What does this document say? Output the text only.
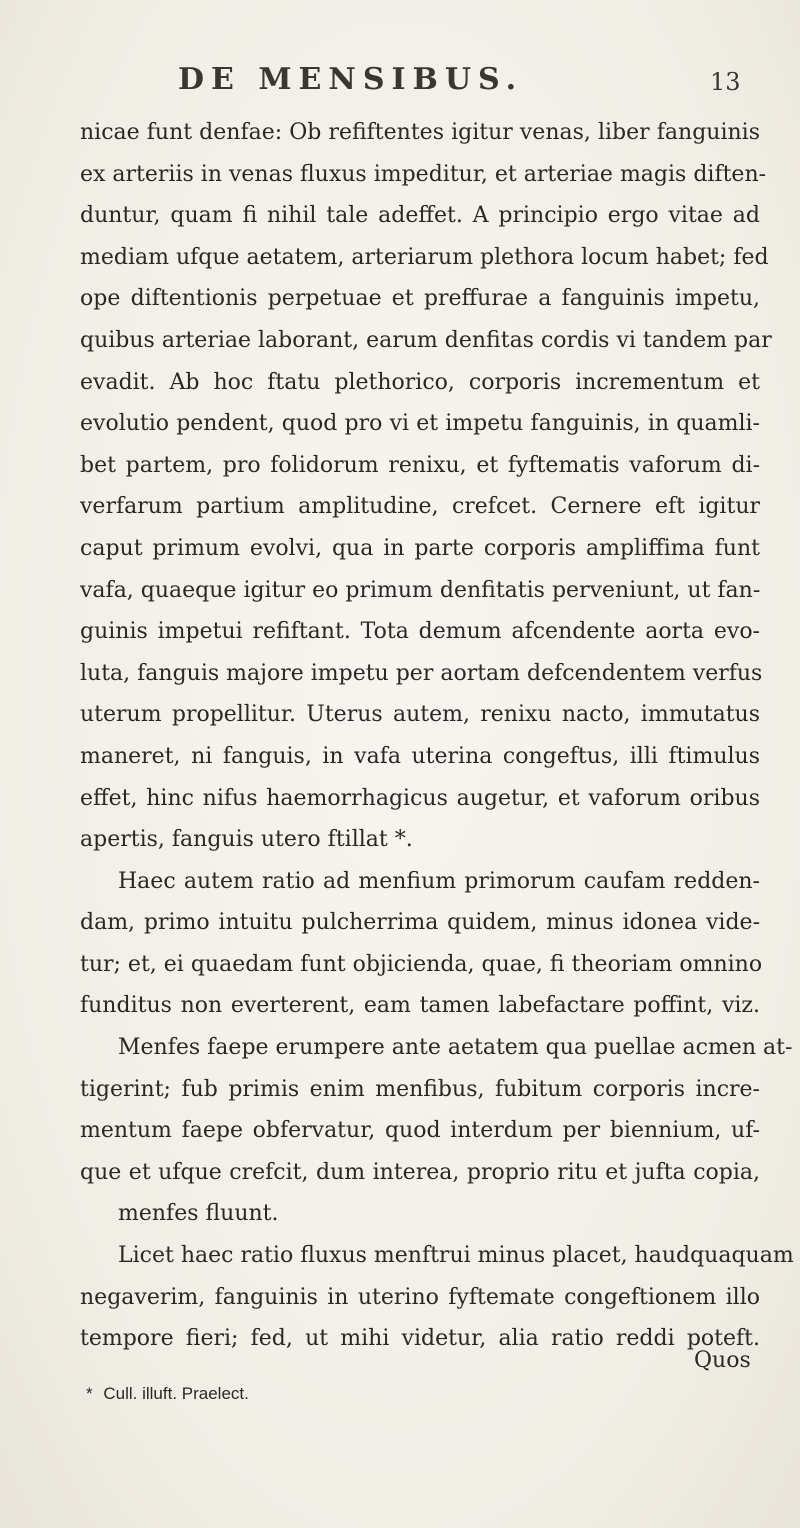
DE MENSIBUS.	13
nicae funt denfae: Ob refiftentes igitur venas, liber fanguinis
ex arteriis in venas fluxus impeditur, et arteriae magis diften-
duntur, quam fi nihil tale adeffet. A principio ergo vitae ad
mediam ufque aetatem, arteriarum plethora locum habet; fed
ope diftentionis perpetuae et preffurae a fanguinis impetu,
quibus arteriae laborant, earum denfitas cordis vi tandem par
evadit. Ab hoc ftatu plethorico, corporis incrementum et
evolutio pendent, quod pro vi et impetu fanguinis, in quamli-
bet partem, pro folidorum renixu, et fyftematis vaforum di-
verfarum partium amplitudine, crefcet. Cernere eft igitur
caput primum evolvi, qua in parte corporis ampliffima funt
vafa, quaeque igitur eo primum denfitatis perveniunt, ut fan-
guinis impetui refiftant. Tota demum afcendente aorta evo-
luta, fanguis majore impetu per aortam defcendentem verfus
uterum propellitur. Uterus autem, renixu nacto, immutatus
maneret, ni fanguis, in vafa uterina congeftus, illi ftimulus
effet, hinc nifus haemorrhagicus augetur, et vaforum oribus
apertis, fanguis utero ftillat *.
Haec autem ratio ad menfium primorum caufam redden-
dam, primo intuitu pulcherrima quidem, minus idonea vide-
tur; et, ei quaedam funt objicienda, quae, fi theoriam omnino
funditus non everterent, eam tamen labefactare poffint, viz.
Menfes faepe erumpere ante aetatem qua puellae acmen at-
tigerint; fub primis enim menfibus, fubitum corporis incre-
mentum faepe obfervatur, quod interdum per biennium, uf-
que et ufque crefcit, dum interea, proprio ritu et jufta copia,
menfes fluunt.
Licet haec ratio fluxus menftrui minus placet, haudquaquam
negaverim, fanguinis in uterino fyftemate congeftionem illo
tempore fieri; fed, ut mihi videtur, alia ratio reddi poteft.
Quos
* Cull. illuft. Praelect.
